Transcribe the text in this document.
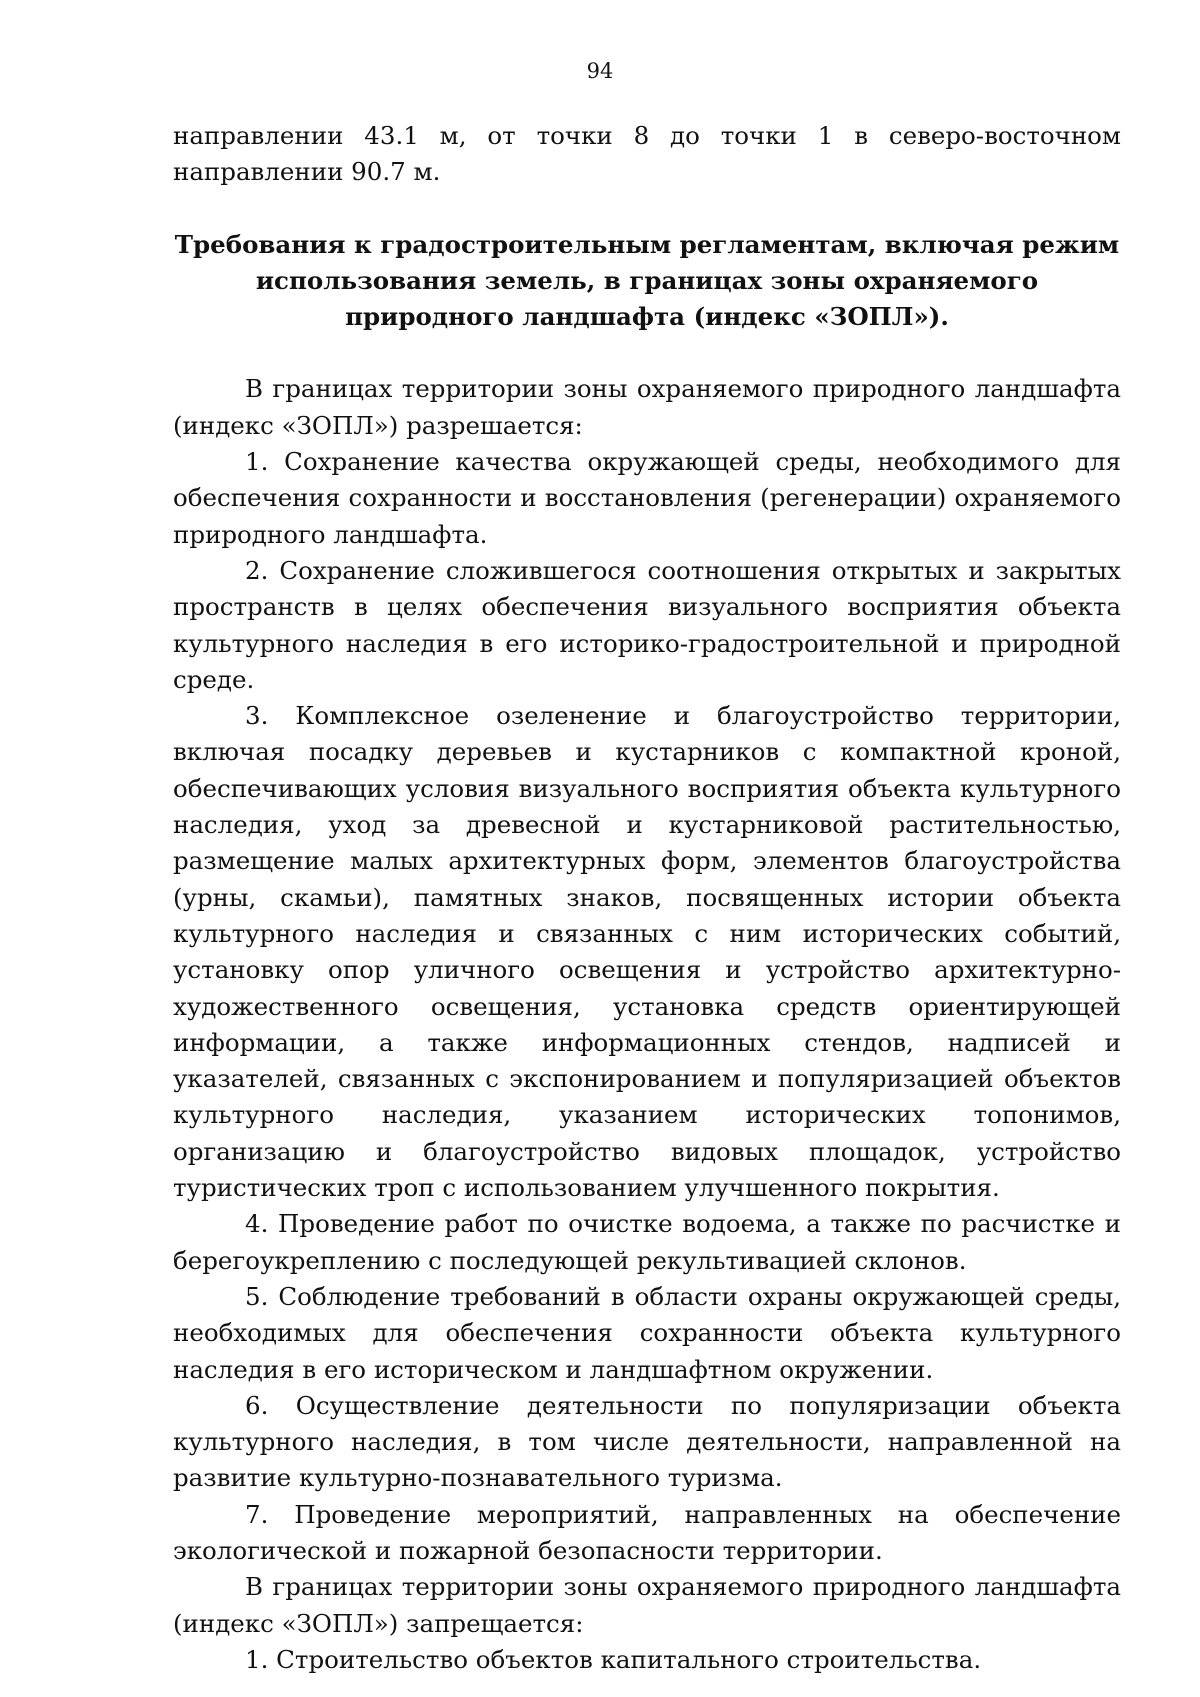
94

направлении 43.1 м, от точки 8 до точки 1 в северо-восточном направлении 90.7 м.

Требования к градостроительным регламентам, включая режим
использования земель, в границах зоны охраняемого
природного ландшафта (индекс «ЗОПЛ»).

В границах территории зоны охраняемого природного ландшафта (индекс «ЗОПЛ») разрешается:

1. Сохранение качества окружающей среды, необходимого для обеспечения сохранности и восстановления (регенерации) охраняемого природного ландшафта.

2. Сохранение сложившегося соотношения открытых и закрытых пространств в целях обеспечения визуального восприятия объекта культурного наследия в его историко-градостроительной и природной среде.

3. Комплексное озеленение и благоустройство территории, включая посадку деревьев и кустарников с компактной кроной, обеспечивающих условия визуального восприятия объекта культурного наследия, уход за древесной и кустарниковой растительностью, размещение малых архитектурных форм, элементов благоустройства (урны, скамьи), памятных знаков, посвященных истории объекта культурного наследия и связанных с ним исторических событий, установку опор уличного освещения и устройство архитектурно-художественного освещения, установка средств ориентирующей информации, а также информационных стендов, надписей и указателей, связанных с экспонированием и популяризацией объектов культурного наследия, указанием исторических топонимов, организацию и благоустройство видовых площадок, устройство туристических троп с использованием улучшенного покрытия.

4. Проведение работ по очистке водоема, а также по расчистке и берегоукреплению с последующей рекультивацией склонов.

5. Соблюдение требований в области охраны окружающей среды, необходимых для обеспечения сохранности объекта культурного наследия в его историческом и ландшафтном окружении.

6. Осуществление деятельности по популяризации объекта культурного наследия, в том числе деятельности, направленной на развитие культурно-познавательного туризма.

7. Проведение мероприятий, направленных на обеспечение экологической и пожарной безопасности территории.

В границах территории зоны охраняемого природного ландшафта (индекс «ЗОПЛ») запрещается:

1. Строительство объектов капитального строительства.
